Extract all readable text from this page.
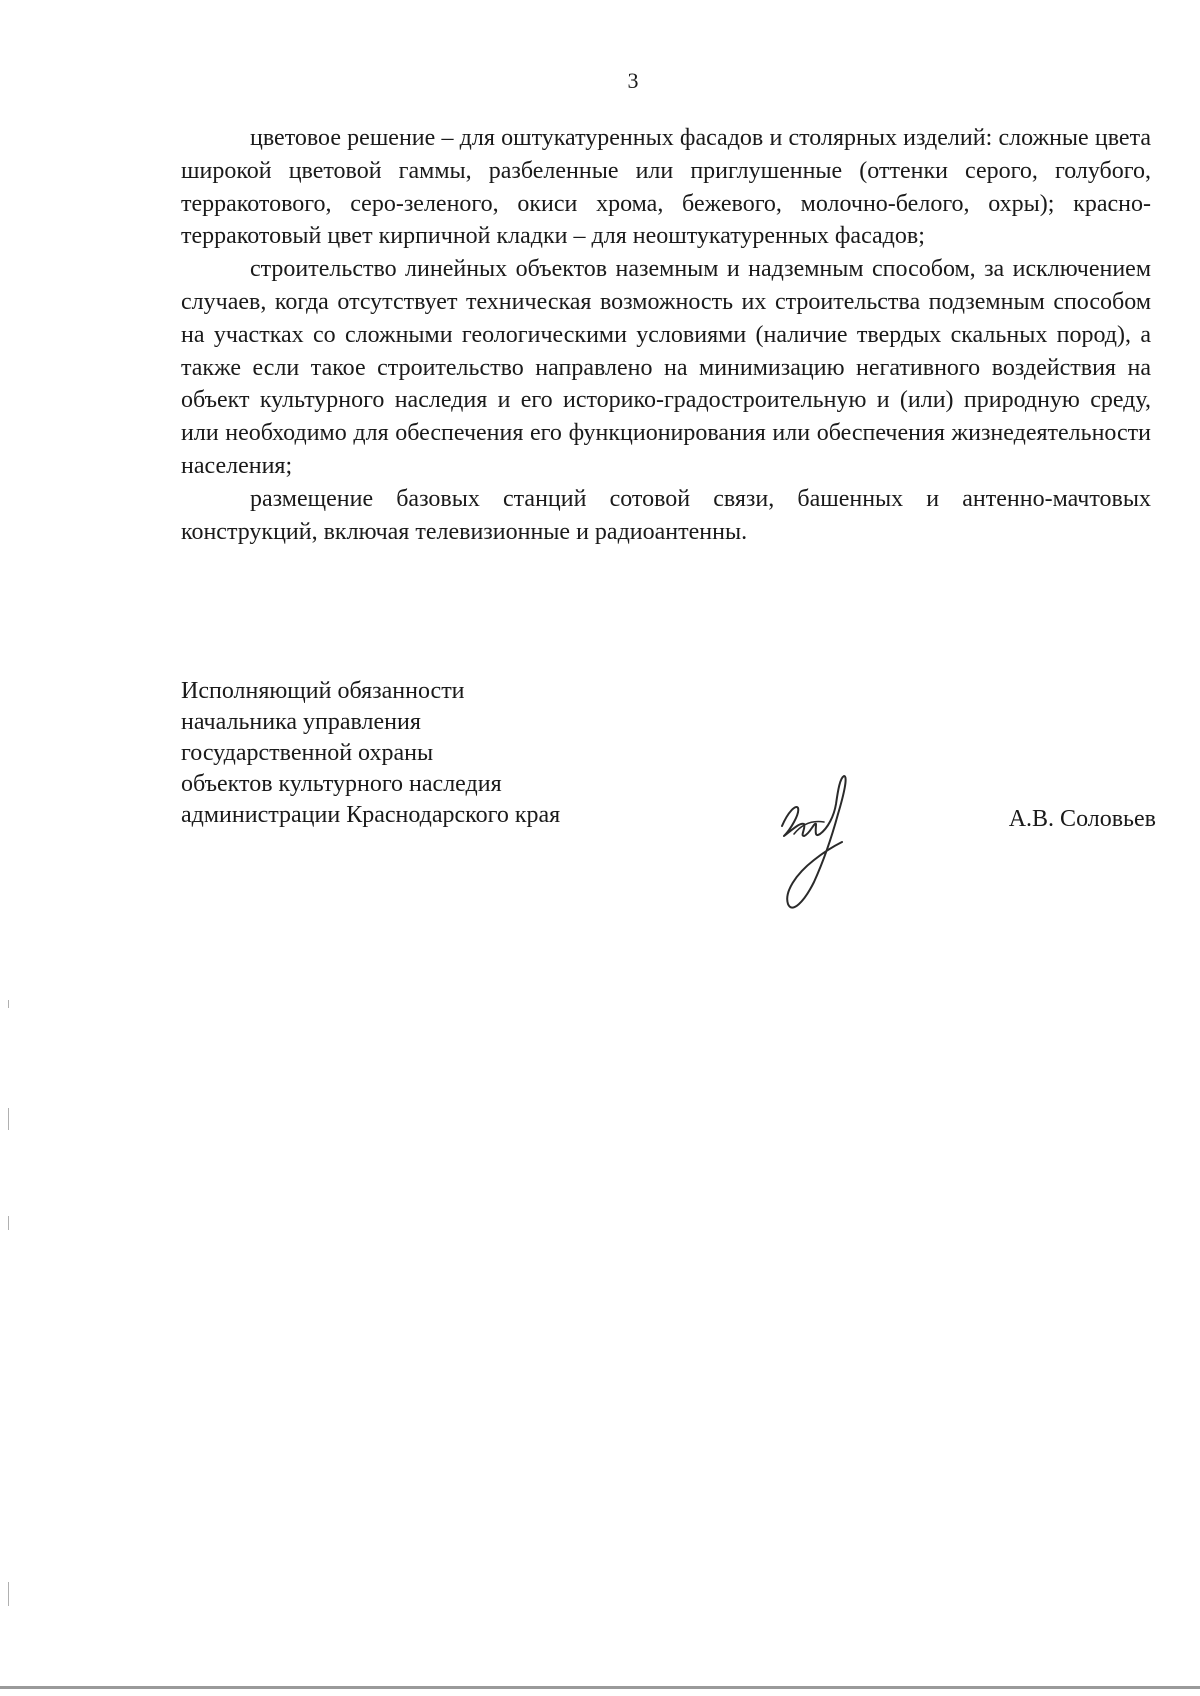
3

цветовое решение – для оштукатуренных фасадов и столярных изделий: сложные цвета широкой цветовой гаммы, разбеленные или приглушенные (оттенки серого, голубого, терракотового, серо-зеленого, окиси хрома, бежевого, молочно-белого, охры); красно-терракотовый цвет кирпичной кладки – для неоштукатуренных фасадов;

строительство линейных объектов наземным и надземным способом, за исключением случаев, когда отсутствует техническая возможность их строительства подземным способом на участках со сложными геологическими условиями (наличие твердых скальных пород), а также если такое строительство направлено на минимизацию негативного воздействия на объект культурного наследия и его историко-градостроительную и (или) природную среду, или необходимо для обеспечения его функционирования или обеспечения жизнедеятельности населения;

размещение базовых станций сотовой связи, башенных и антенно-мачтовых конструкций, включая телевизионные и радиоантенны.

Исполняющий обязанности
начальника управления
государственной охраны
объектов культурного наследия
администрации Краснодарского края	А.В. Соловьев
